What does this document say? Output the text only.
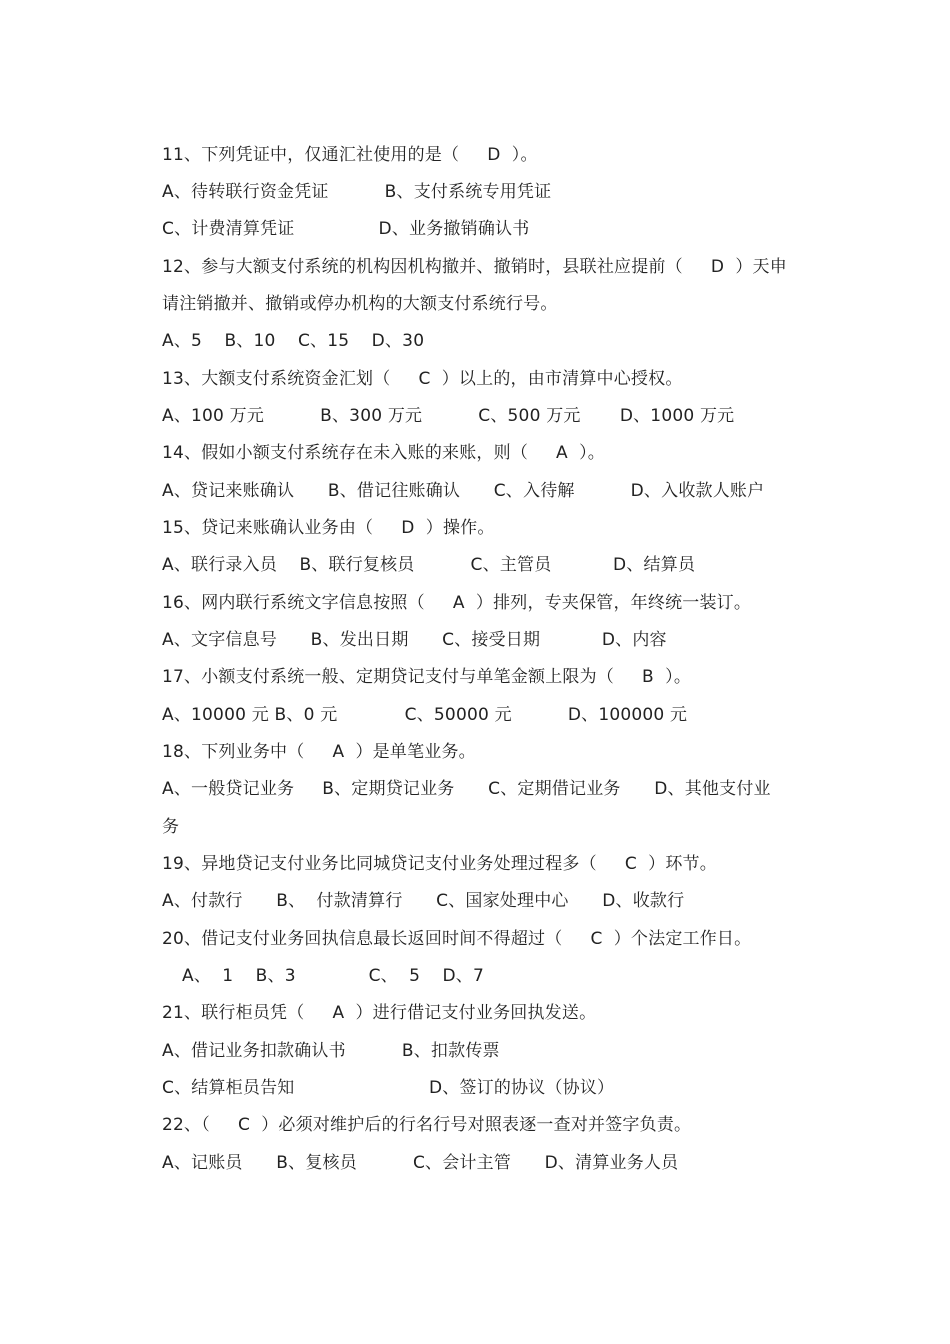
11、下列凭证中，仅通汇社使用的是（     D  ）。
A、待转联行资金凭证          B、支付系统专用凭证
C、计费清算凭证               D、业务撤销确认书
12、参与大额支付系统的机构因机构撤并、撤销时，县联社应提前（     D  ）天申
请注销撤并、撤销或停办机构的大额支付系统行号。
A、5    B、10    C、15    D、30
13、大额支付系统资金汇划（     C  ）以上的，由市清算中心授权。
A、100 万元          B、300 万元          C、500 万元       D、1000 万元
14、假如小额支付系统存在未入账的来账，则（     A  ）。
A、贷记来账确认      B、借记往账确认      C、入待解          D、入收款人账户
15、贷记来账确认业务由（     D  ）操作。
A、联行录入员    B、联行复核员          C、主管员           D、结算员
16、网内联行系统文字信息按照（     A  ）排列，专夹保管，年终统一装订。
A、文字信息号      B、发出日期      C、接受日期           D、内容
17、小额支付系统一般、定期贷记支付与单笔金额上限为（     B  ）。
A、10000 元 B、0 元            C、50000 元          D、100000 元
18、下列业务中（     A  ）是单笔业务。
A、一般贷记业务     B、定期贷记业务      C、定期借记业务      D、其他支付业
务
19、异地贷记支付业务比同城贷记支付业务处理过程多（     C  ）环节。
A、付款行      B、  付款清算行      C、国家处理中心      D、收款行
20、借记支付业务回执信息最长返回时间不得超过（     C  ）个法定工作日。
A、  1    B、3             C、  5    D、7
21、联行柜员凭（     A  ）进行借记支付业务回执发送。
A、借记业务扣款确认书          B、扣款传票
C、结算柜员告知                        D、签订的协议（协议）
22、（     C  ）必须对维护后的行名行号对照表逐一查对并签字负责。
A、记账员      B、复核员          C、会计主管      D、清算业务人员
